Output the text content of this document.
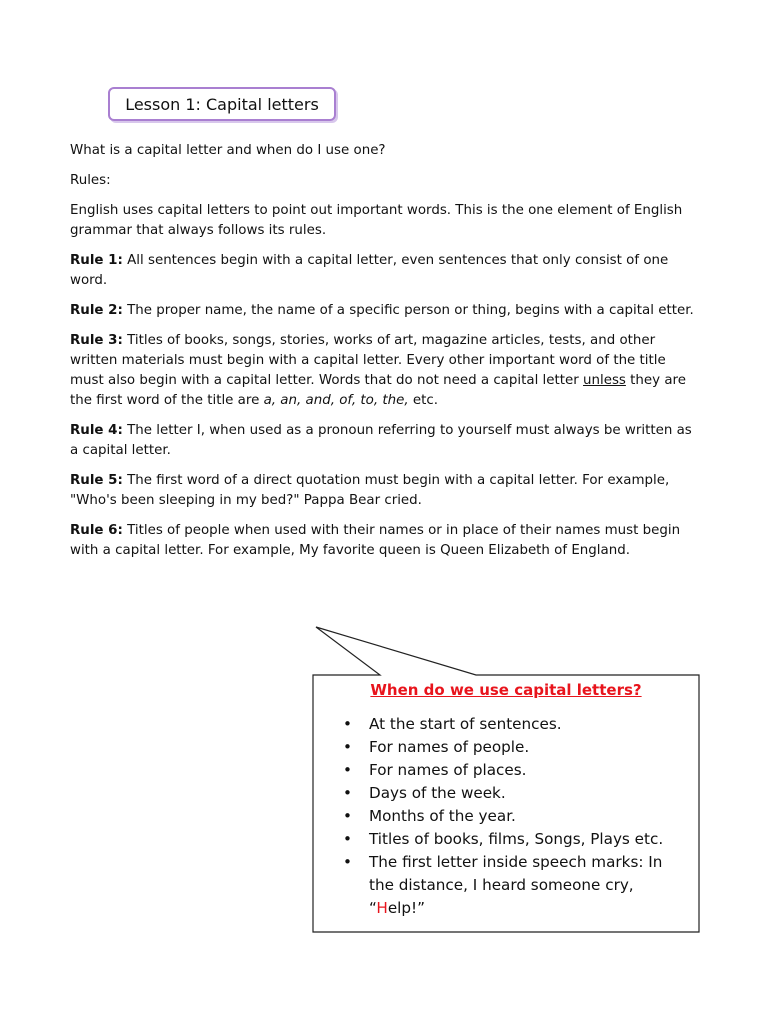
Lesson 1: Capital letters

What is a capital letter and when do I use one?

Rules:

English uses capital letters to point out important words. This is the one element of English grammar that always follows its rules.

Rule 1: All sentences begin with a capital letter, even sentences that only consist of one word.

Rule 2: The proper name, the name of a specific person or thing, begins with a capital etter.

Rule 3: Titles of books, songs, stories, works of art, magazine articles, tests, and other written materials must begin with a capital letter. Every other important word of the title must also begin with a capital letter. Words that do not need a capital letter unless they are the first word of the title are a, an, and, of, to, the, etc.

Rule 4: The letter I, when used as a pronoun referring to yourself must always be written as a capital letter.

Rule 5: The first word of a direct quotation must begin with a capital letter. For example, "Who's been sleeping in my bed?" Pappa Bear cried.

Rule 6: Titles of people when used with their names or in place of their names must begin with a capital letter. For example, My favorite queen is Queen Elizabeth of England.

When do we use capital letters?
• At the start of sentences.
• For names of people.
• For names of places.
• Days of the week.
• Months of the year.
• Titles of books, films, Songs, Plays etc.
• The first letter inside speech marks: In the distance, I heard someone cry, “Help!”
